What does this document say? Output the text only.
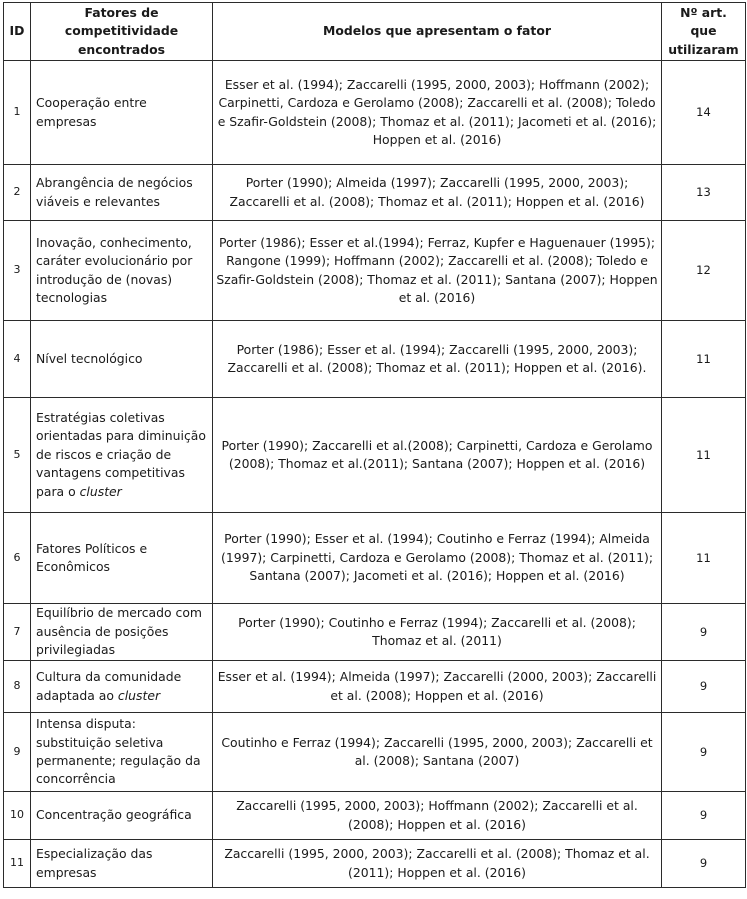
ID	Fatores de competitividade encontrados	Modelos que apresentam o fator	Nº art. que utilizaram
1	Cooperação entre empresas	Esser et al. (1994); Zaccarelli (1995, 2000, 2003); Hoffmann (2002); Carpinetti, Cardoza e Gerolamo (2008); Zaccarelli et al. (2008); Toledo e Szafir-Goldstein (2008); Thomaz et al. (2011); Jacometi et al. (2016); Hoppen et al. (2016)	14
2	Abrangência de negócios viáveis e relevantes	Porter (1990); Almeida (1997); Zaccarelli (1995, 2000, 2003); Zaccarelli et al. (2008); Thomaz et al. (2011); Hoppen et al. (2016)	13
3	Inovação, conhecimento, caráter evolucionário por introdução de (novas) tecnologias	Porter (1986); Esser et al.(1994); Ferraz, Kupfer e Haguenauer (1995); Rangone (1999); Hoffmann (2002); Zaccarelli et al. (2008); Toledo e Szafir-Goldstein (2008); Thomaz et al. (2011); Santana (2007); Hoppen et al. (2016)	12
4	Nível tecnológico	Porter (1986); Esser et al. (1994); Zaccarelli (1995, 2000, 2003); Zaccarelli et al. (2008); Thomaz et al. (2011); Hoppen et al. (2016).	11
5	Estratégias coletivas orientadas para diminuição de riscos e criação de vantagens competitivas para o cluster	Porter (1990); Zaccarelli et al.(2008); Carpinetti, Cardoza e Gerolamo (2008); Thomaz et al.(2011); Santana (2007); Hoppen et al. (2016)	11
6	Fatores Políticos e Econômicos	Porter (1990); Esser et al. (1994); Coutinho e Ferraz (1994); Almeida (1997); Carpinetti, Cardoza e Gerolamo (2008); Thomaz et al. (2011); Santana (2007); Jacometi et al. (2016); Hoppen et al. (2016)	11
7	Equilíbrio de mercado com ausência de posições privilegiadas	Porter (1990); Coutinho e Ferraz (1994); Zaccarelli et al. (2008); Thomaz et al. (2011)	9
8	Cultura da comunidade adaptada ao cluster	Esser et al. (1994); Almeida (1997); Zaccarelli (2000, 2003); Zaccarelli et al. (2008); Hoppen et al. (2016)	9
9	Intensa disputa: substituição seletiva permanente; regulação da concorrência	Coutinho e Ferraz (1994); Zaccarelli (1995, 2000, 2003); Zaccarelli et al. (2008); Santana (2007)	9
10	Concentração geográfica	Zaccarelli (1995, 2000, 2003); Hoffmann (2002); Zaccarelli et al. (2008); Hoppen et al. (2016)	9
11	Especialização das empresas	Zaccarelli (1995, 2000, 2003); Zaccarelli et al. (2008); Thomaz et al. (2011); Hoppen et al. (2016)	9
